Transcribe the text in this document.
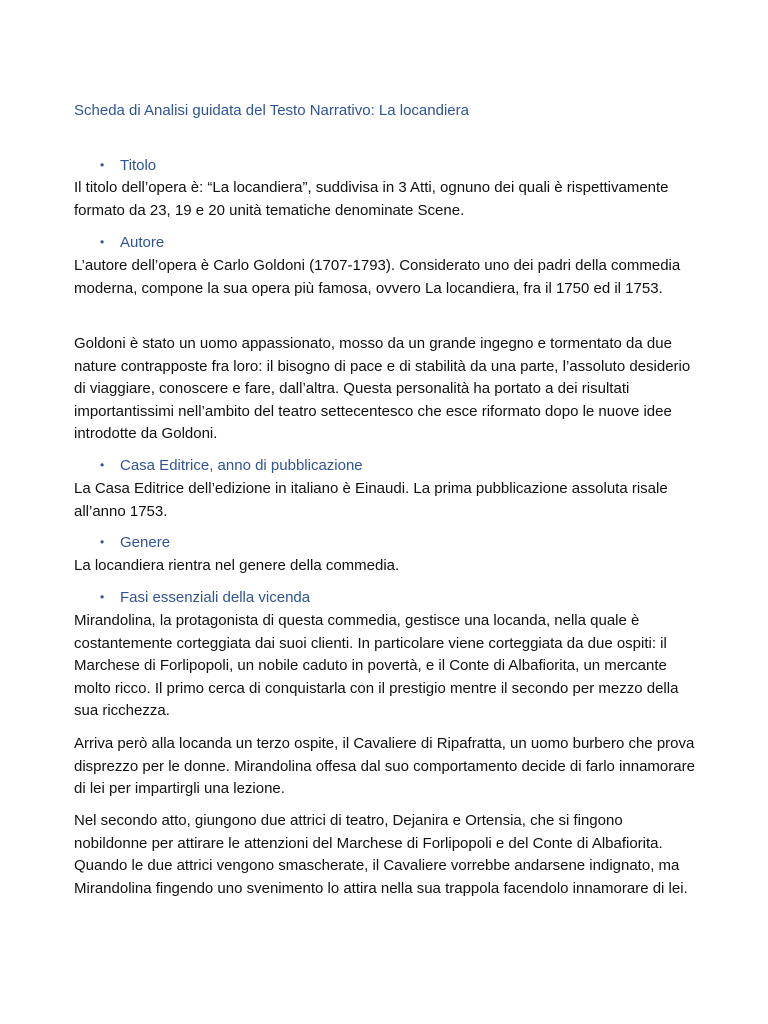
Scheda di Analisi guidata del Testo Narrativo: La locandiera
• Titolo

Il titolo dell’opera è: “La locandiera”, suddivisa in 3 Atti, ognuno dei quali è rispettivamente formato da 23, 19 e 20 unità tematiche denominate Scene.

• Autore

L’autore dell’opera è Carlo Goldoni (1707-1793). Considerato uno dei padri della commedia moderna, compone la sua opera più famosa, ovvero La locandiera, fra il 1750 ed il 1753.

Goldoni è stato un uomo appassionato, mosso da un grande ingegno e tormentato da due nature contrapposte fra loro: il bisogno di pace e di stabilità da una parte, l’assoluto desiderio di viaggiare, conoscere e fare, dall’altra. Questa personalità ha portato a dei risultati importantissimi nell’ambito del teatro settecentesco che esce riformato dopo le nuove idee introdotte da Goldoni.

• Casa Editrice, anno di pubblicazione

La Casa Editrice dell’edizione in italiano è Einaudi. La prima pubblicazione assoluta risale all’anno 1753.

• Genere

La locandiera rientra nel genere della commedia.

• Fasi essenziali della vicenda

Mirandolina, la protagonista di questa commedia, gestisce una locanda, nella quale è costantemente corteggiata dai suoi clienti. In particolare viene corteggiata da due ospiti: il Marchese di Forlipopoli, un nobile caduto in povertà, e il Conte di Albafiorita, un mercante molto ricco. Il primo cerca di conquistarla con il prestigio mentre il secondo per mezzo della sua ricchezza.

Arriva però alla locanda un terzo ospite, il Cavaliere di Ripafratta, un uomo burbero che prova disprezzo per le donne. Mirandolina offesa dal suo comportamento decide di farlo innamorare di lei per impartirgli una lezione.

Nel secondo atto, giungono due attrici di teatro, Dejanira e Ortensia, che si fingono nobildonne per attirare le attenzioni del Marchese di Forlipopoli e del Conte di Albafiorita. Quando le due attrici vengono smascherate, il Cavaliere vorrebbe andarsene indignato, ma Mirandolina fingendo uno svenimento lo attira nella sua trappola facendolo innamorare di lei.
